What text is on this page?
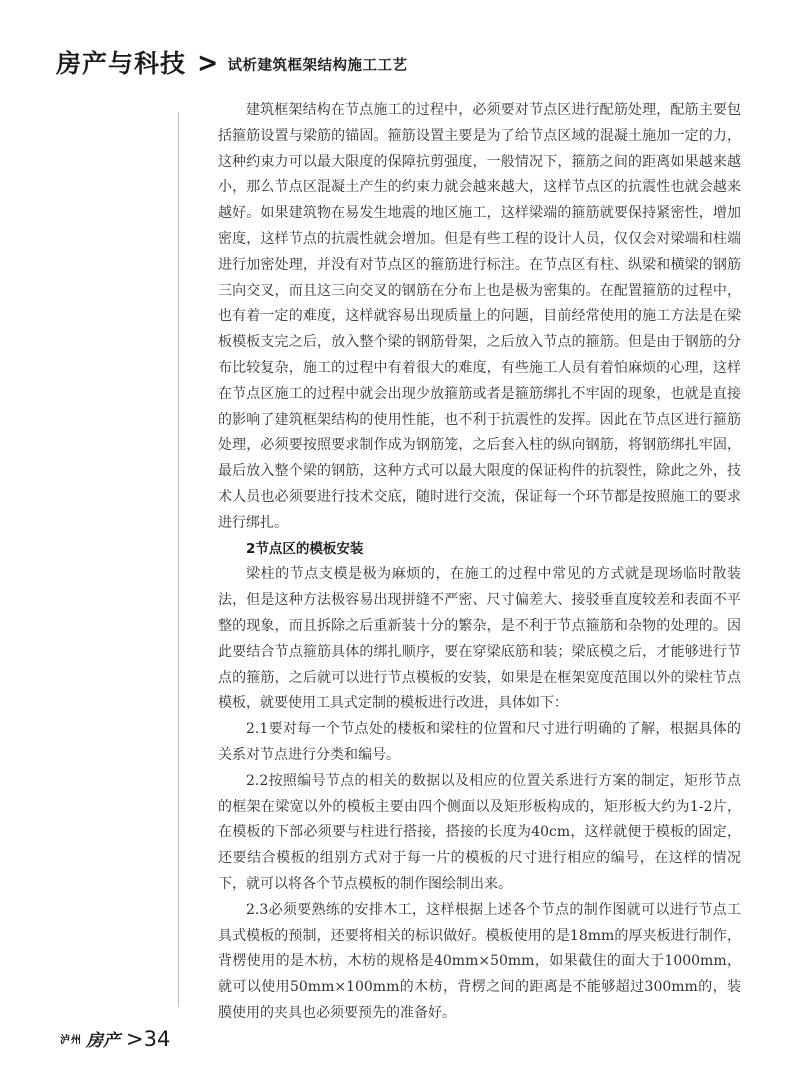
房产与科技 > 试析建筑框架结构施工工艺

建筑框架结构在节点施工的过程中，必须要对节点区进行配筋处理，配筋主要包括箍筋设置与梁筋的锚固。箍筋设置主要是为了给节点区域的混凝土施加一定的力，这种约束力可以最大限度的保障抗剪强度，一般情况下，箍筋之间的距离如果越来越小，那么节点区混凝土产生的约束力就会越来越大，这样节点区的抗震性也就会越来越好。如果建筑物在易发生地震的地区施工，这样梁端的箍筋就要保持紧密性，增加密度，这样节点的抗震性就会增加。但是有些工程的设计人员，仅仅会对梁端和柱端进行加密处理，并没有对节点区的箍筋进行标注。在节点区有柱、纵梁和横梁的钢筋三向交叉，而且这三向交叉的钢筋在分布上也是极为密集的。在配置箍筋的过程中，也有着一定的难度，这样就容易出现质量上的问题，目前经常使用的施工方法是在梁板模板支完之后，放入整个梁的钢筋骨架，之后放入节点的箍筋。但是由于钢筋的分布比较复杂，施工的过程中有着很大的难度，有些施工人员有着怕麻烦的心理，这样在节点区施工的过程中就会出现少放箍筋或者是箍筋绑扎不牢固的现象，也就是直接的影响了建筑框架结构的使用性能，也不利于抗震性的发挥。因此在节点区进行箍筋处理，必须要按照要求制作成为钢筋笼，之后套入柱的纵向钢筋，将钢筋绑扎牢固，最后放入整个梁的钢筋，这种方式可以最大限度的保证构件的抗裂性，除此之外，技术人员也必须要进行技术交底，随时进行交流，保证每一个环节都是按照施工的要求进行绑扎。

2节点区的模板安装

梁柱的节点支模是极为麻烦的，在施工的过程中常见的方式就是现场临时散装法，但是这种方法极容易出现拼缝不严密、尺寸偏差大、接驳垂直度较差和表面不平整的现象，而且拆除之后重新装十分的繁杂，是不利于节点箍筋和杂物的处理的。因此要结合节点箍筋具体的绑扎顺序，要在穿梁底筋和装；梁底模之后，才能够进行节点的箍筋，之后就可以进行节点模板的安装，如果是在框架宽度范围以外的梁柱节点模板，就要使用工具式定制的模板进行改进，具体如下：

2.1要对每一个节点处的楼板和梁柱的位置和尺寸进行明确的了解，根据具体的关系对节点进行分类和编号。

2.2按照编号节点的相关的数据以及相应的位置关系进行方案的制定，矩形节点的框架在梁宽以外的模板主要由四个侧面以及矩形板构成的，矩形板大约为1-2片，在模板的下部必须要与柱进行搭接，搭接的长度为40cm，这样就便于模板的固定，还要结合模板的组别方式对于每一片的模板的尺寸进行相应的编号，在这样的情况下，就可以将各个节点模板的制作图绘制出来。

2.3必须要熟练的安排木工，这样根据上述各个节点的制作图就可以进行节点工具式模板的预制，还要将相关的标识做好。模板使用的是18mm的厚夹板进行制作，背楞使用的是木枋，木枋的规格是40mm×50mm，如果截住的面大于1000mm，就可以使用50mm×100mm的木枋，背楞之间的距离是不能够超过300mm的，装膜使用的夹具也必须要预先的准备好。

泸州 房产 >34
